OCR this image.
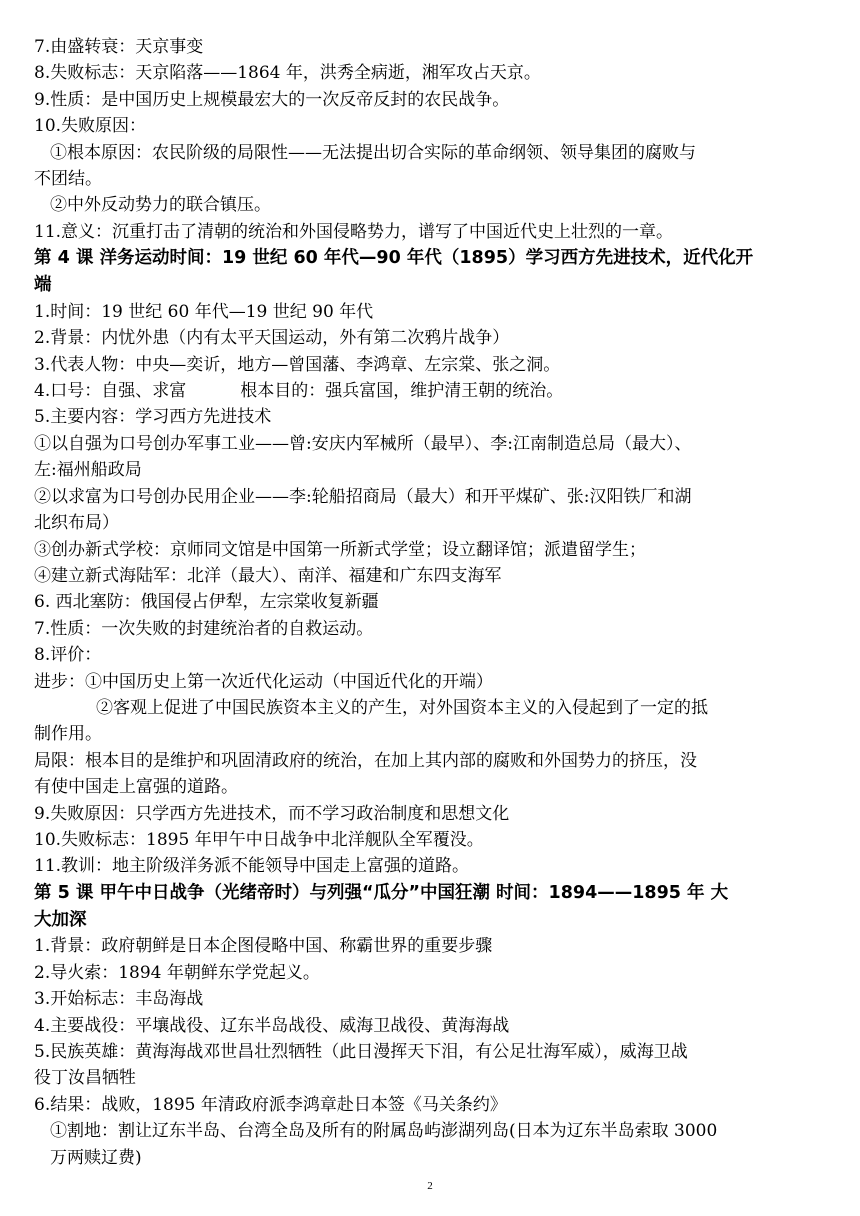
7.由盛转衰：天京事变

8.失败标志：天京陷落——1864 年，洪秀全病逝，湘军攻占天京。

9.性质：是中国历史上规模最宏大的一次反帝反封的农民战争。

10.失败原因：

①根本原因：农民阶级的局限性——无法提出切合实际的革命纲领、领导集团的腐败与

不团结。

②中外反动势力的联合镇压。

11.意义：沉重打击了清朝的统治和外国侵略势力，谱写了中国近代史上壮烈的一章。

第 4 课 洋务运动时间：19 世纪 60 年代—90 年代（1895）学习西方先进技术，近代化开

端

1.时间：19 世纪 60 年代—19 世纪 90 年代

2.背景：内忧外患（内有太平天国运动，外有第二次鸦片战争）

3.代表人物：中央—奕䜣，地方—曾国藩、李鸿章、左宗棠、张之洞。

4.口号：自强、求富          根本目的：强兵富国，维护清王朝的统治。

5.主要内容：学习西方先进技术

①以自强为口号创办军事工业——曾:安庆内军械所（最早）、李:江南制造总局（最大）、

左:福州船政局

②以求富为口号创办民用企业——李:轮船招商局（最大）和开平煤矿、张:汉阳铁厂和湖

北织布局）

③创办新式学校：京师同文馆是中国第一所新式学堂；设立翻译馆；派遣留学生；

④建立新式海陆军：北洋（最大）、南洋、福建和广东四支海军

6. 西北塞防：俄国侵占伊犁，左宗棠收复新疆

7.性质：一次失败的封建统治者的自救运动。

8.评价：

进步：①中国历史上第一次近代化运动（中国近代化的开端）

②客观上促进了中国民族资本主义的产生，对外国资本主义的入侵起到了一定的抵

制作用。

局限：根本目的是维护和巩固清政府的统治，在加上其内部的腐败和外国势力的挤压，没

有使中国走上富强的道路。

9.失败原因：只学西方先进技术，而不学习政治制度和思想文化

10.失败标志：1895 年甲午中日战争中北洋舰队全军覆没。

11.教训：地主阶级洋务派不能领导中国走上富强的道路。

第 5 课 甲午中日战争（光绪帝时）与列强“瓜分”中国狂潮 时间：1894——1895 年 大

大加深

1.背景：政府朝鲜是日本企图侵略中国、称霸世界的重要步骤

2.导火索：1894 年朝鲜东学党起义。

3.开始标志：丰岛海战

4.主要战役：平壤战役、辽东半岛战役、威海卫战役、黄海海战

5.民族英雄：黄海海战邓世昌壮烈牺牲（此日漫挥天下泪，有公足壮海军威），威海卫战

役丁汝昌牺牲

6.结果：战败，1895 年清政府派李鸿章赴日本签《马关条约》

①割地：割让辽东半岛、台湾全岛及所有的附属岛屿澎湖列岛(日本为辽东半岛索取 3000

万两赎辽费)

2
